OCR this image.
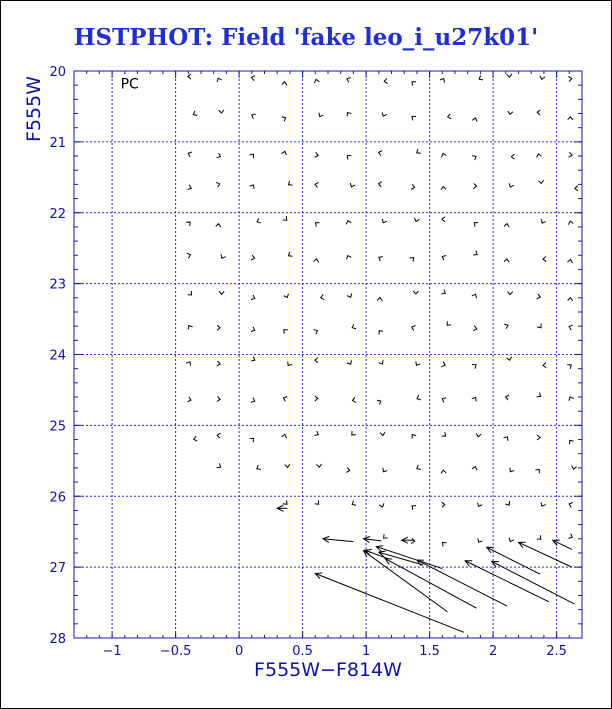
HSTPHOT: Field 'fake leo_i_u27k01'
−1	−0.5	0	0.5	1	1.5	2	2.5
20
21
22
23
24
25
26
27
28
PC
F555W−F814W
F555W
